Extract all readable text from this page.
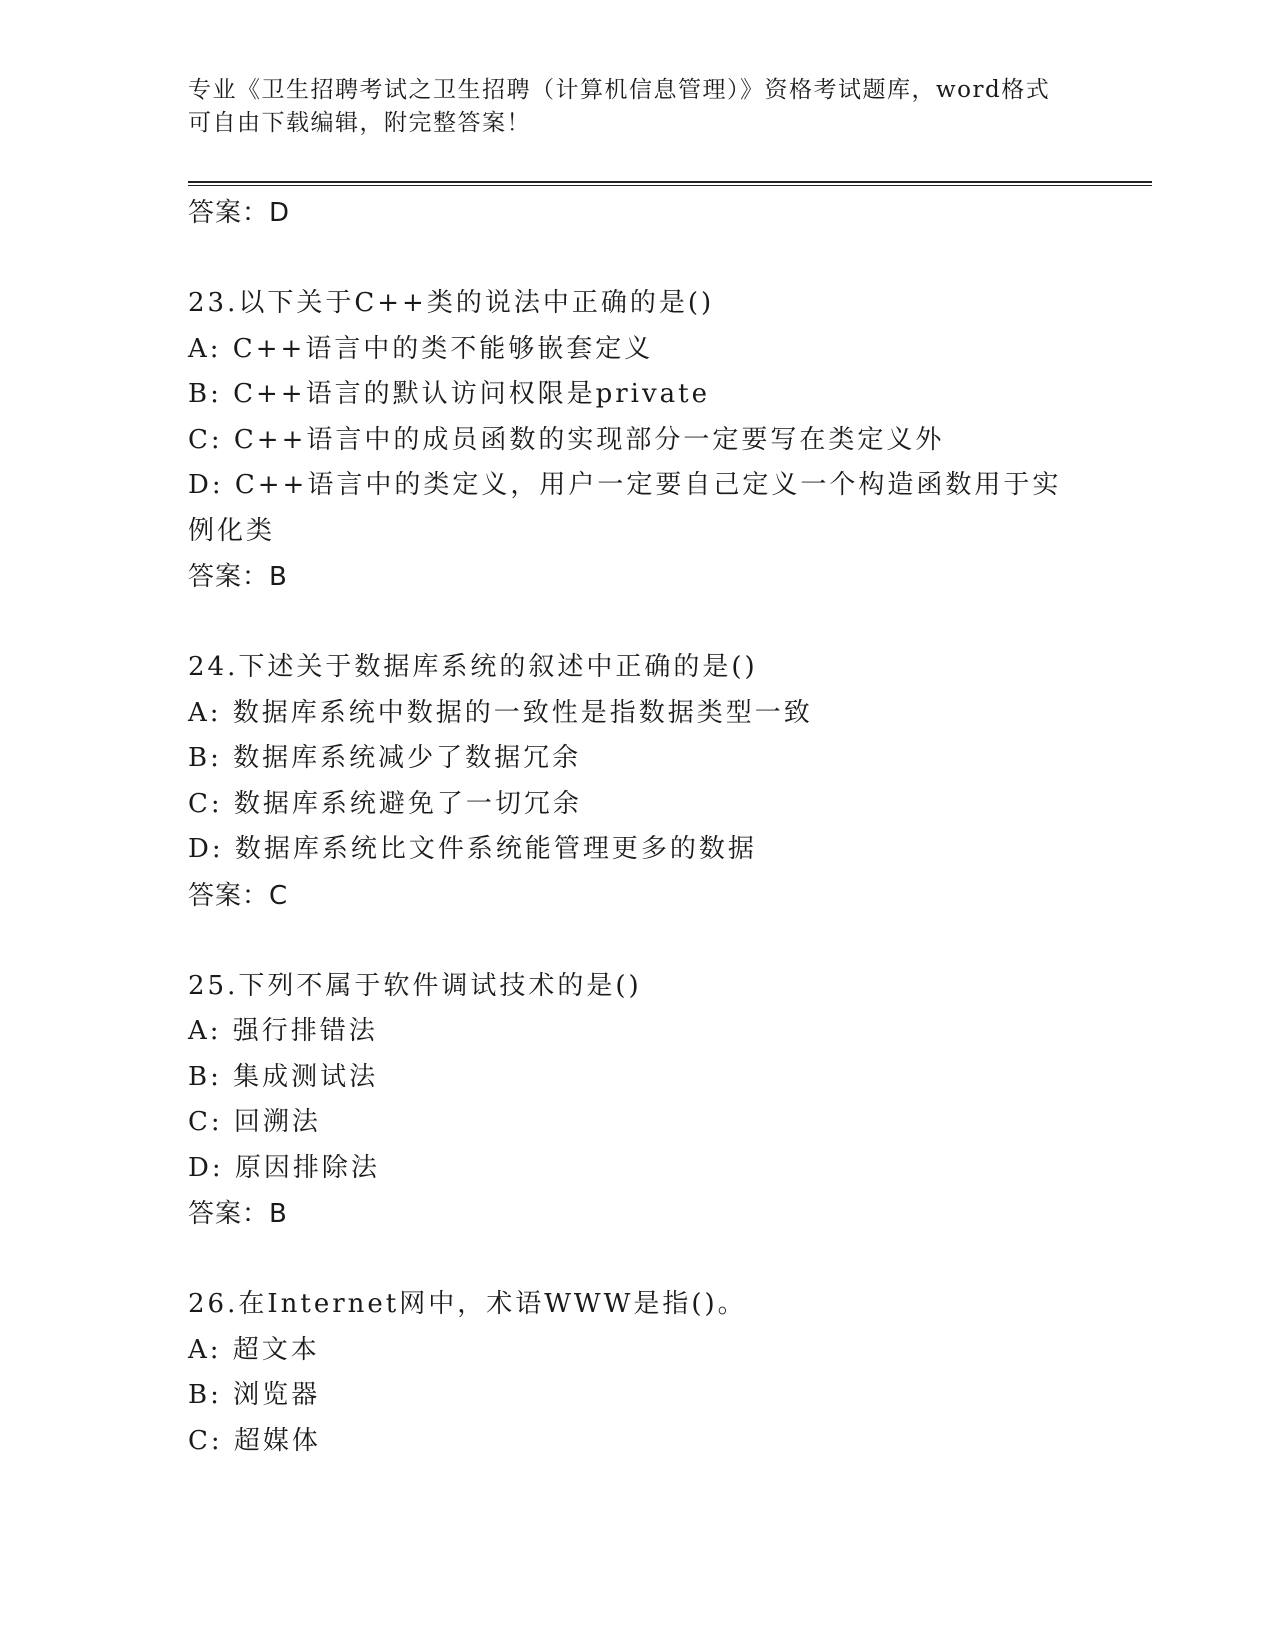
专业《卫生招聘考试之卫生招聘（计算机信息管理）》资格考试题库，word格式
可自由下载编辑，附完整答案！
答案：D
23.以下关于C++类的说法中正确的是()
A: C++语言中的类不能够嵌套定义
B: C++语言的默认访问权限是private
C: C++语言中的成员函数的实现部分一定要写在类定义外
D: C++语言中的类定义，用户一定要自己定义一个构造函数用于实例化类
答案：B
24.下述关于数据库系统的叙述中正确的是()
A: 数据库系统中数据的一致性是指数据类型一致
B: 数据库系统减少了数据冗余
C: 数据库系统避免了一切冗余
D: 数据库系统比文件系统能管理更多的数据
答案：C
25.下列不属于软件调试技术的是()
A: 强行排错法
B: 集成测试法
C: 回溯法
D: 原因排除法
答案：B
26.在Internet网中，术语WWW是指()。
A: 超文本
B: 浏览器
C: 超媒体
